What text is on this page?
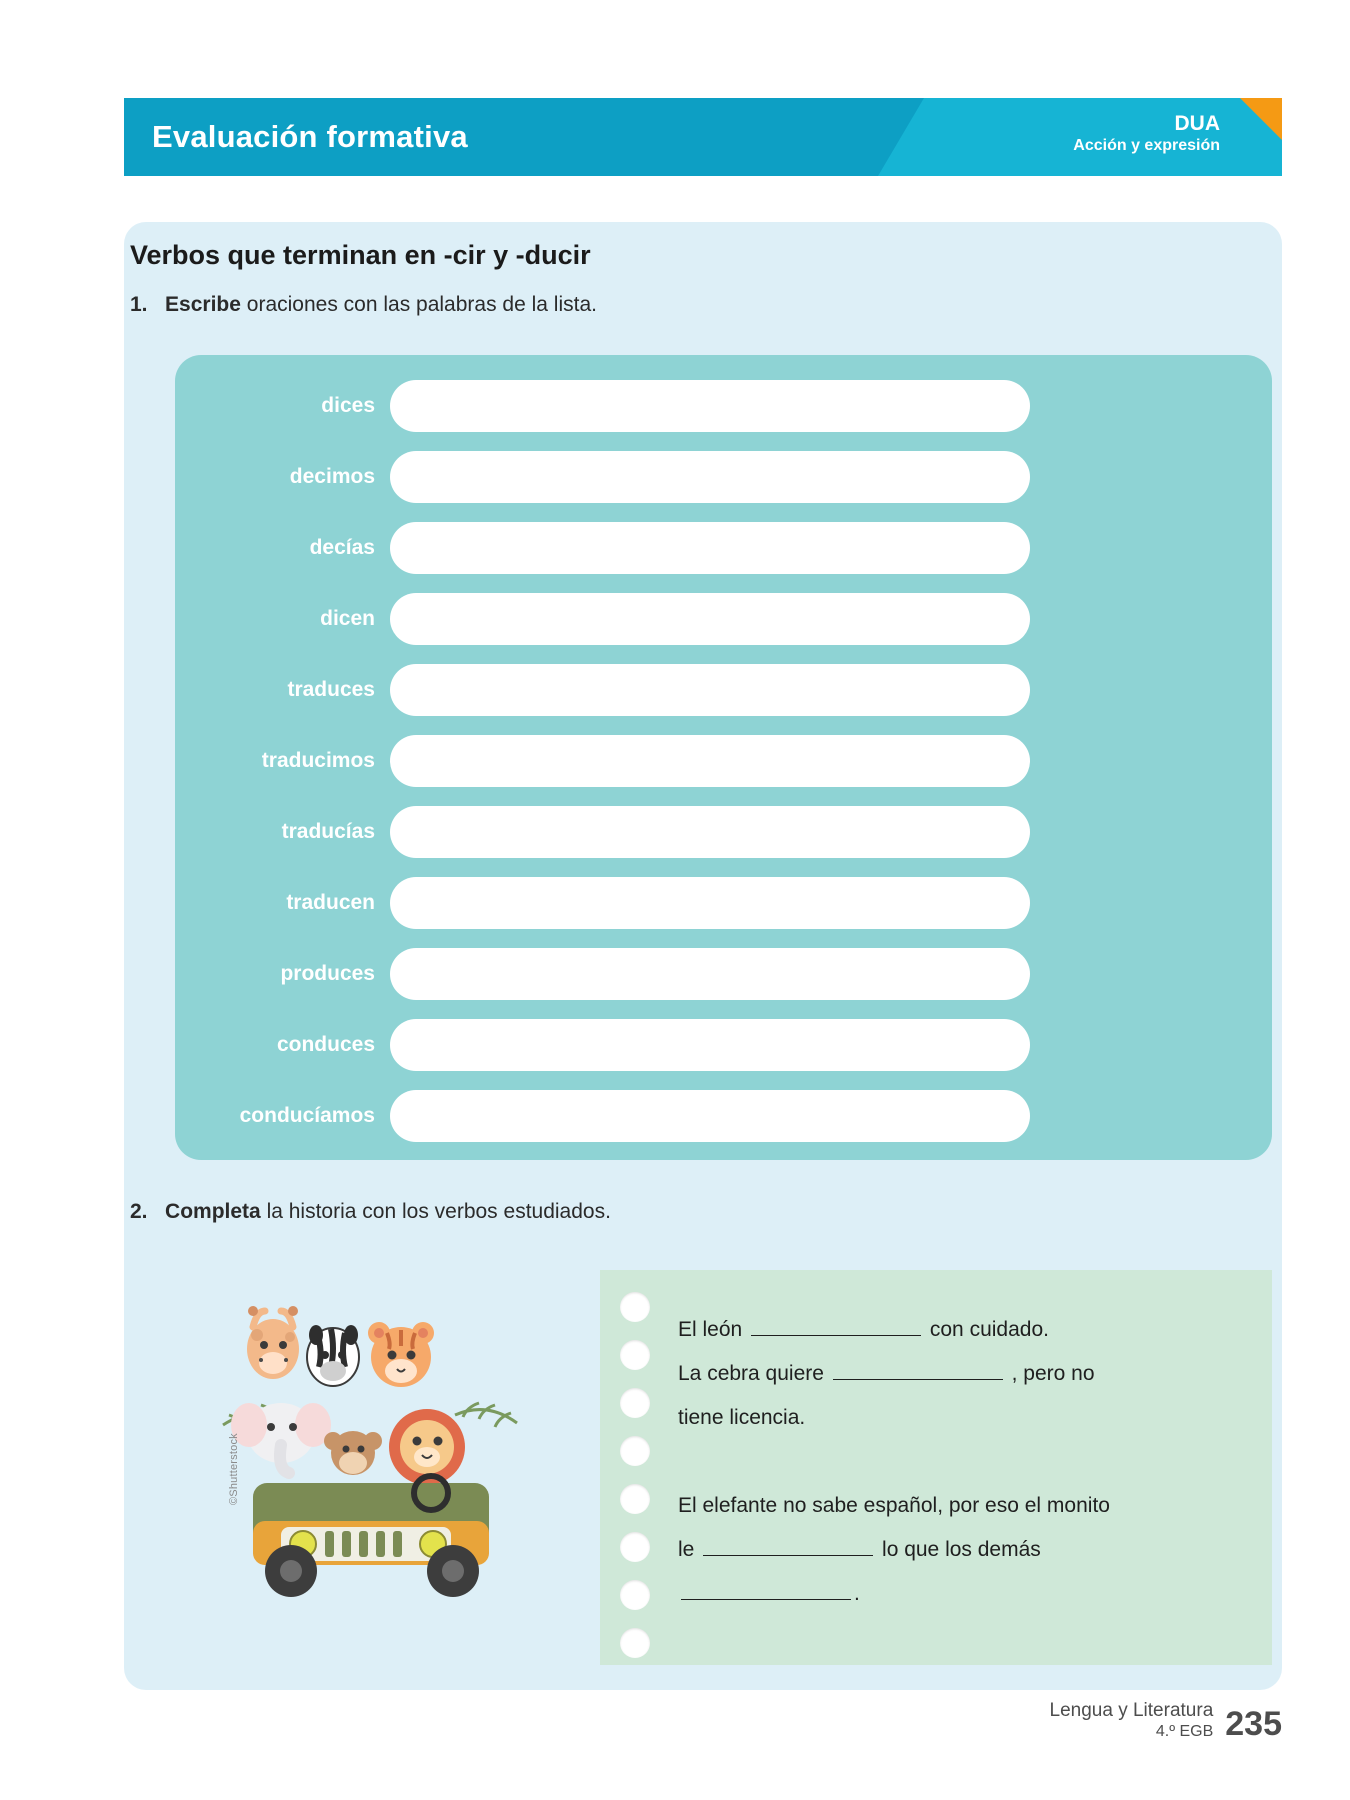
Evaluación formativa	DUA
Acción y expresión
Verbos que terminan en -cir y -ducir
1. Escribe oraciones con las palabras de la lista.
dices
decimos
decías
dicen
traduces
traducimos
traducías
traducen
produces
conduces
conducíamos
2. Completa la historia con los verbos estudiados.
©Shutterstock
El león	con cuidado.
La cebra quiere	, pero no
tiene licencia.

El elefante no sabe español, por eso el monito
le	lo que los demás
.
Lengua y Literatura
4.º EGB 235
